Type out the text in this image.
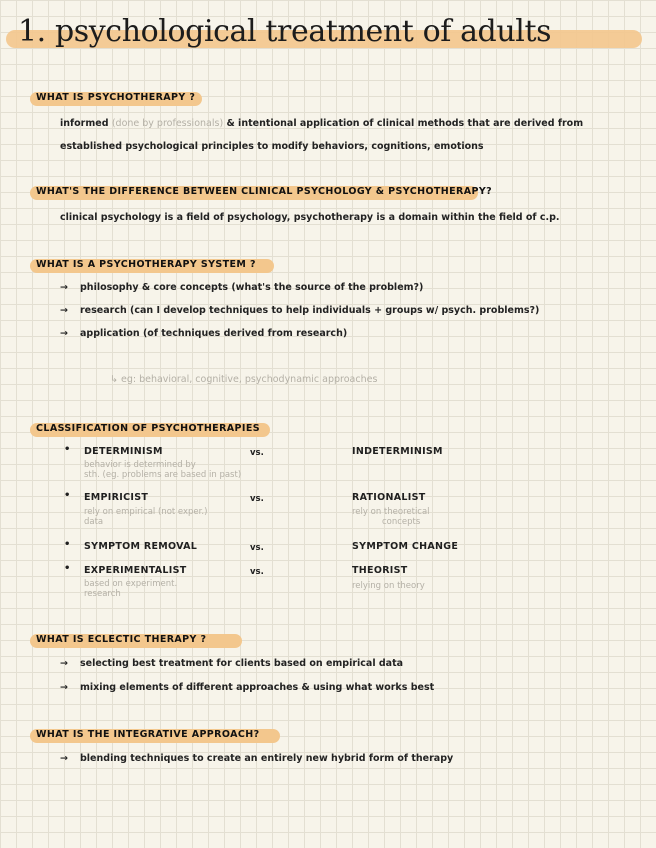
1. psychological treatment of adults
WHAT IS PSYCHOTHERAPY ?
informed (done by professionals) & intentional application of clinical methods that are derived from
established psychological principles to modify behaviors, cognitions, emotions
WHAT'S THE DIFFERENCE BETWEEN CLINICAL PSYCHOLOGY & PSYCHOTHERAPY?
clinical psychology is a field of psychology, psychotherapy is a domain within the field of c.p.
WHAT IS A PSYCHOTHERAPY SYSTEM ?
→ philosophy & core concepts (what's the source of the problem?)
→ research (can I develop techniques to help individuals + groups w/ psych. problems?)
→ application (of techniques derived from research)
↳ eg: behavioral, cognitive, psychodynamic approaches
CLASSIFICATION OF PSYCHOTHERAPIES
• DETERMINISM	vs.	INDETERMINISM
behavior is determined by
sth. (eg. problems are based in past)
• EMPIRICIST	vs.	RATIONALIST
rely on empirical (not exper.)
data
rely on theoretical
concepts
• SYMPTOM REMOVAL	vs.	SYMPTOM CHANGE
• EXPERIMENTALIST	vs.	THEORIST
based on experiment.
research
relying on theory
WHAT IS ECLECTIC THERAPY ?
→ selecting best treatment for clients based on empirical data
→ mixing elements of different approaches & using what works best
WHAT IS THE INTEGRATIVE APPROACH?
→ blending techniques to create an entirely new hybrid form of therapy
